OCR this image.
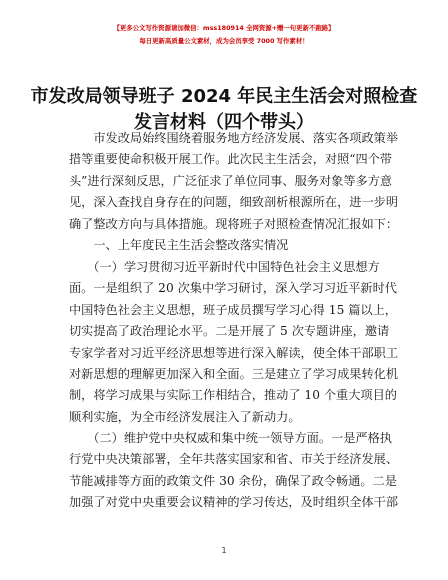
【更多公文写作资源请加微信：mss180914 全网资源+赠一句更新不跑路】
每日更新高质量公文素材，成为会员享受 7000 写作素材！
市发改局领导班子 2024 年民主生活会对照检查
发言材料（四个带头）
　　市发改局始终围绕着服务地方经济发展、落实各项政策举
措等重要使命积极开展工作。此次民主生活会，对照“四个带
头”进行深刻反思，广泛征求了单位同事、服务对象等多方意
见，深入查找自身存在的问题，细致剖析根源所在，进一步明
确了整改方向与具体措施。现将班子对照检查情况汇报如下：
　　一、上年度民主生活会整改落实情况
　　（一）学习贯彻习近平新时代中国特色社会主义思想方
面。一是组织了 20 次集中学习研讨，深入学习习近平新时代
中国特色社会主义思想，班子成员撰写学习心得 15 篇以上，
切实提高了政治理论水平。二是开展了 5 次专题讲座，邀请
专家学者对习近平经济思想等进行深入解读，使全体干部职工
对新思想的理解更加深入和全面。三是建立了学习成果转化机
制，将学习成果与实际工作相结合，推动了 10 个重大项目的
顺利实施，为全市经济发展注入了新动力。
　　（二）维护党中央权威和集中统一领导方面。一是严格执
行党中央决策部署，全年共落实国家和省、市关于经济发展、
节能减排等方面的政策文件 30 余份，确保了政令畅通。二是
加强了对党中央重要会议精神的学习传达，及时组织全体干部
1
